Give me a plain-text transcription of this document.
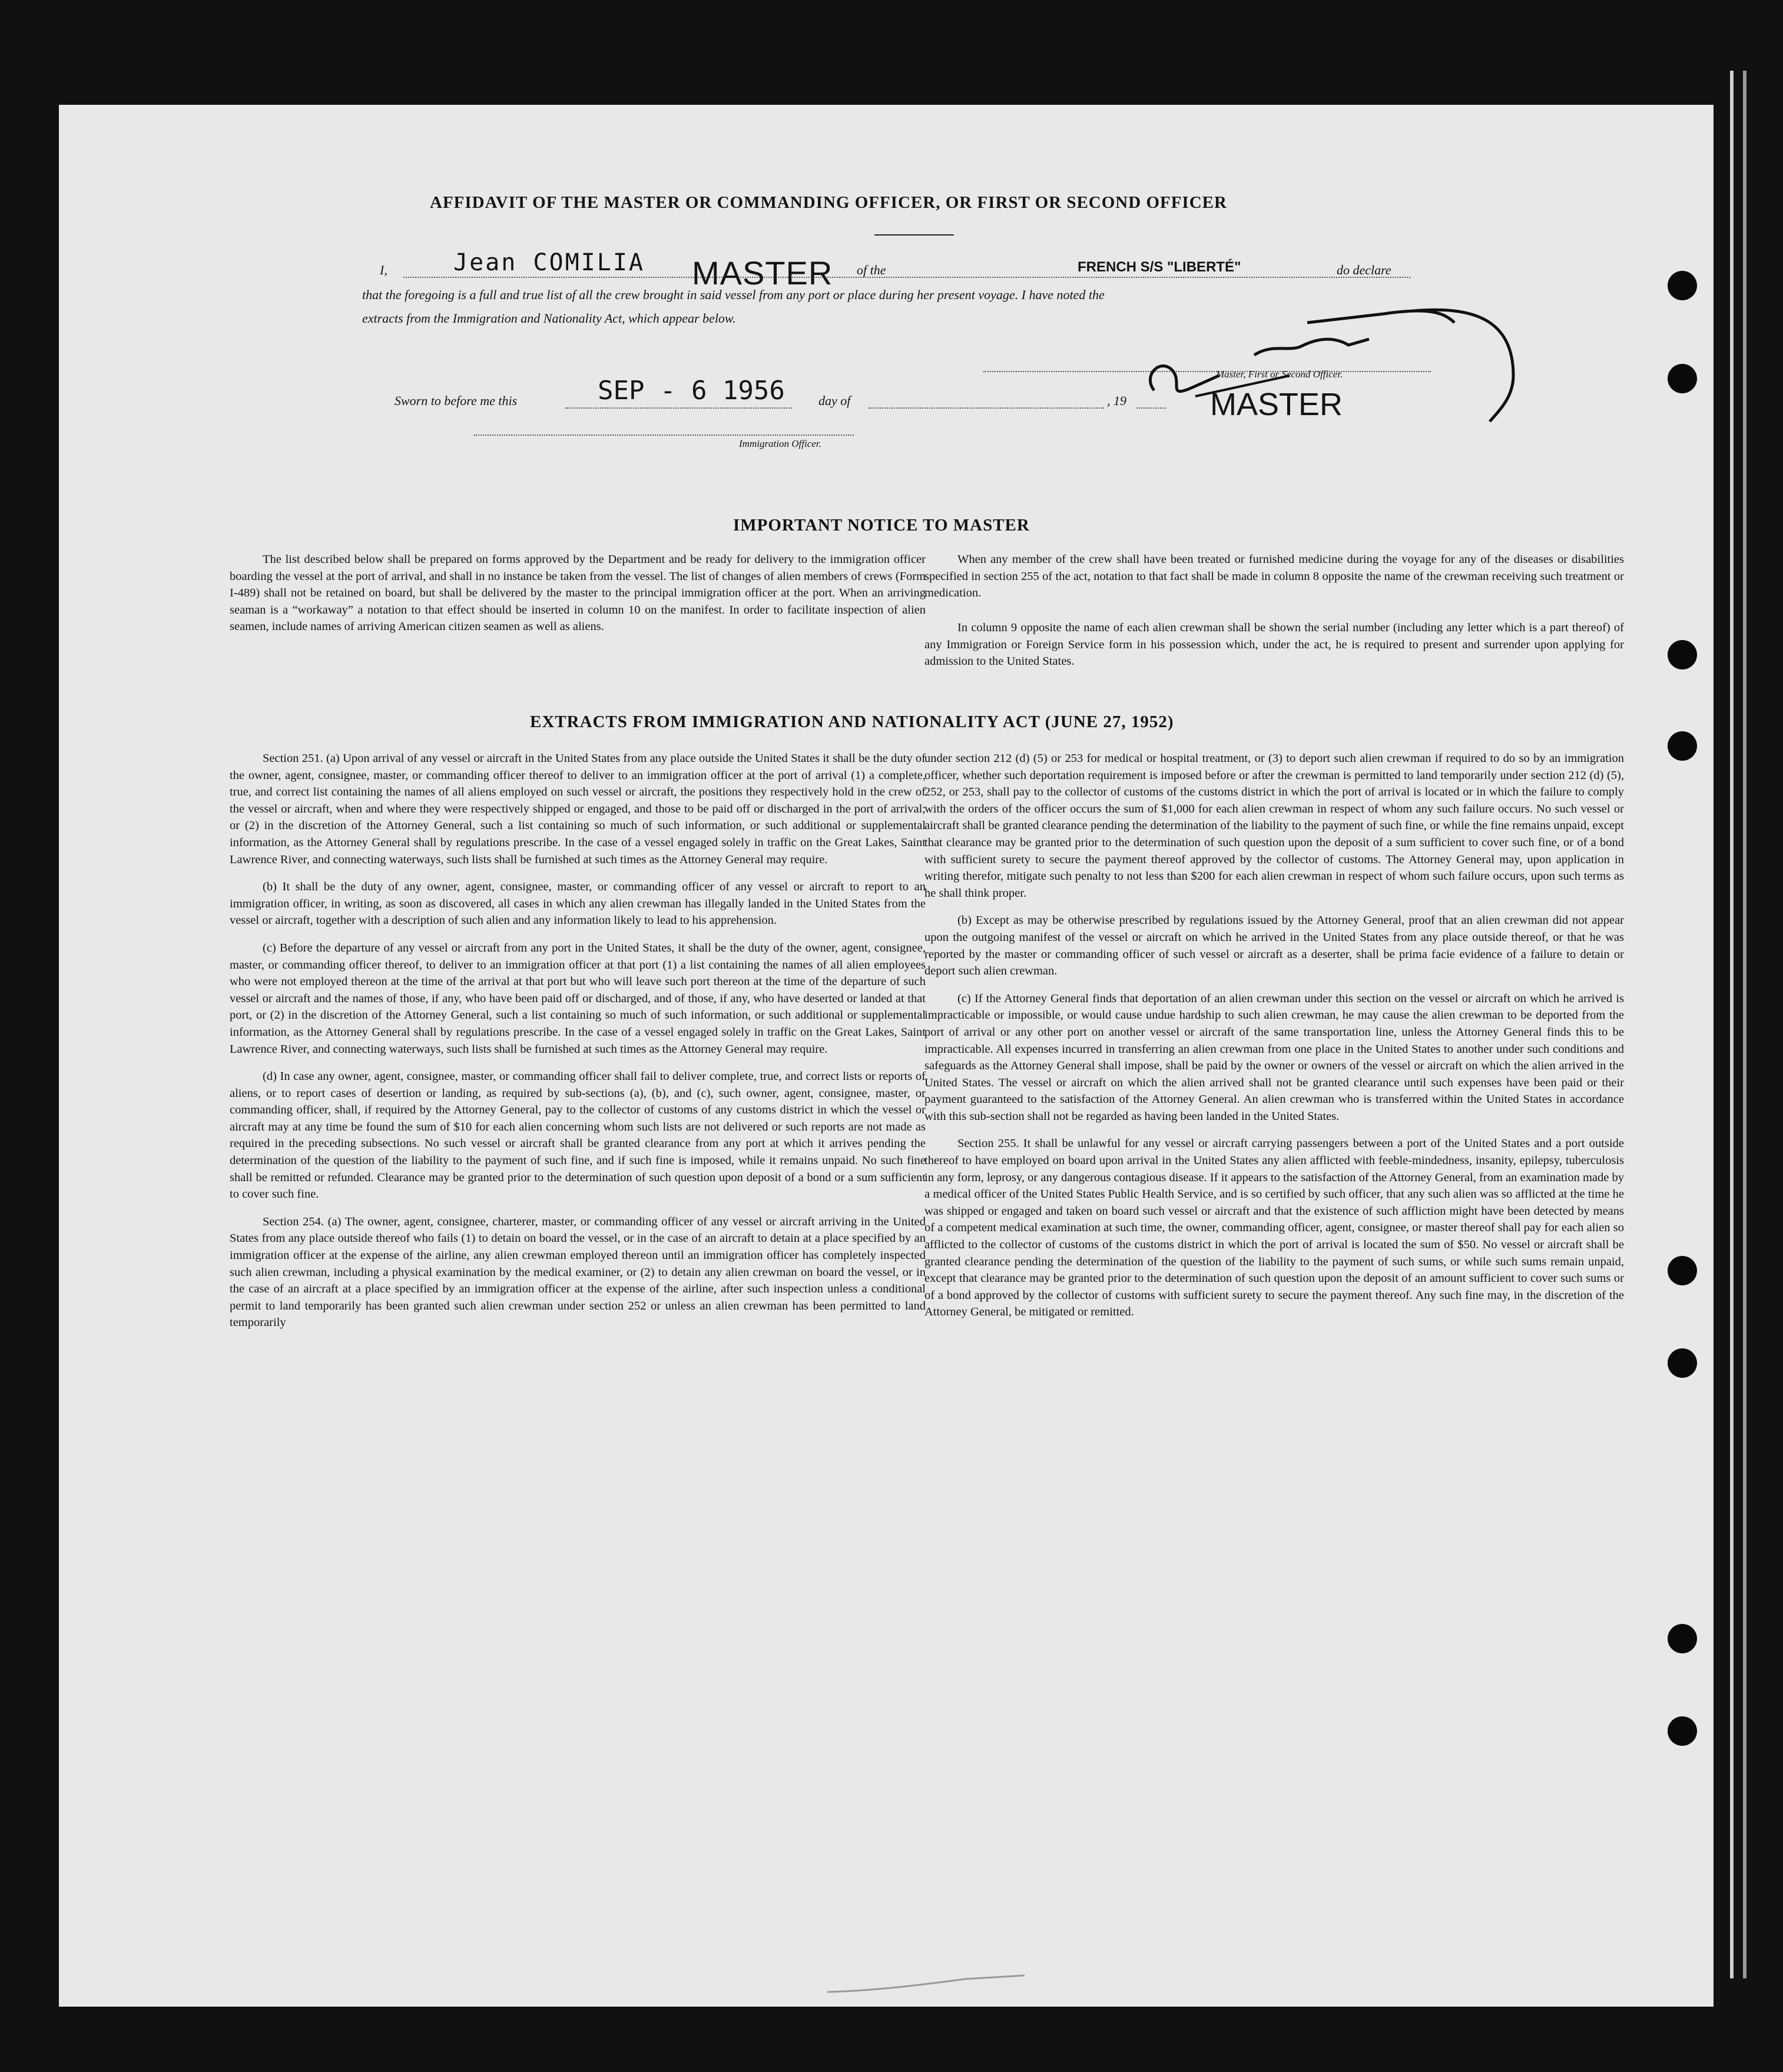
AFFIDAVIT OF THE MASTER OR COMMANDING OFFICER, OR FIRST OR SECOND OFFICER
I,	Jean COMILIA MASTER of the	FRENCH S/S "LIBERTÉ"	do declare
that the foregoing is a full and true list of all the crew brought in said vessel from any port or place during her present voyage. I have noted the
extracts from the Immigration and Nationality Act, which appear below.
Sworn to before me this	SEP - 6 1956	day of	, 19
Master, First or Second Officer.
MASTER
Immigration Officer.
IMPORTANT NOTICE TO MASTER

The list described below shall be prepared on forms approved by the Department and be ready for delivery to the immigration officer boarding the vessel at the port of arrival, and shall in no instance be taken from the vessel. The list of changes of alien members of crews (Form I-489) shall not be retained on board, but shall be delivered by the master to the principal immigration officer at the port. When an arriving seaman is a “workaway” a notation to that effect should be inserted in column 10 on the manifest. In order to facilitate inspection of alien seamen, include names of arriving American citizen seamen as well as aliens.

When any member of the crew shall have been treated or furnished medicine during the voyage for any of the diseases or disabilities specified in section 255 of the act, notation to that fact shall be made in column 8 opposite the name of the crewman receiving such treatment or medication.

In column 9 opposite the name of each alien crewman shall be shown the serial number (including any letter which is a part thereof) of any Immigration or Foreign Service form in his possession which, under the act, he is required to present and surrender upon applying for admission to the United States.

EXTRACTS FROM IMMIGRATION AND NATIONALITY ACT (JUNE 27, 1952)

Section 251. (a) Upon arrival of any vessel or aircraft in the United States from any place outside the United States it shall be the duty of the owner, agent, consignee, master, or commanding officer thereof to deliver to an immigration officer at the port of arrival (1) a complete, true, and correct list containing the names of all aliens employed on such vessel or aircraft, the positions they respectively hold in the crew of the vessel or aircraft, when and where they were respectively shipped or engaged, and those to be paid off or discharged in the port of arrival; or (2) in the discretion of the Attorney General, such a list containing so much of such information, or such additional or supplemental information, as the Attorney General shall by regulations prescribe. In the case of a vessel engaged solely in traffic on the Great Lakes, Saint Lawrence River, and connecting waterways, such lists shall be furnished at such times as the Attorney General may require.

(b) It shall be the duty of any owner, agent, consignee, master, or commanding officer of any vessel or aircraft to report to an immigration officer, in writing, as soon as discovered, all cases in which any alien crewman has illegally landed in the United States from the vessel or aircraft, together with a description of such alien and any information likely to lead to his apprehension.

(c) Before the departure of any vessel or aircraft from any port in the United States, it shall be the duty of the owner, agent, consignee, master, or commanding officer thereof, to deliver to an immigration officer at that port (1) a list containing the names of all alien employees who were not employed thereon at the time of the arrival at that port but who will leave such port thereon at the time of the departure of such vessel or aircraft and the names of those, if any, who have been paid off or discharged, and of those, if any, who have deserted or landed at that port, or (2) in the discretion of the Attorney General, such a list containing so much of such information, or such additional or supplemental information, as the Attorney General shall by regulations prescribe. In the case of a vessel engaged solely in traffic on the Great Lakes, Saint Lawrence River, and connecting waterways, such lists shall be furnished at such times as the Attorney General may require.

(d) In case any owner, agent, consignee, master, or commanding officer shall fail to deliver complete, true, and correct lists or reports of aliens, or to report cases of desertion or landing, as required by sub-sections (a), (b), and (c), such owner, agent, consignee, master, or commanding officer, shall, if required by the Attorney General, pay to the collector of customs of any customs district in which the vessel or aircraft may at any time be found the sum of $10 for each alien concerning whom such lists are not delivered or such reports are not made as required in the preceding subsections. No such vessel or aircraft shall be granted clearance from any port at which it arrives pending the determination of the question of the liability to the payment of such fine, and if such fine is imposed, while it remains unpaid. No such fine shall be remitted or refunded. Clearance may be granted prior to the determination of such question upon deposit of a bond or a sum sufficient to cover such fine.

Section 254. (a) The owner, agent, consignee, charterer, master, or commanding officer of any vessel or aircraft arriving in the United States from any place outside thereof who fails (1) to detain on board the vessel, or in the case of an aircraft to detain at a place specified by an immigration officer at the expense of the airline, any alien crewman employed thereon until an immigration officer has completely inspected such alien crewman, including a physical examination by the medical examiner, or (2) to detain any alien crewman on board the vessel, or in the case of an aircraft at a place specified by an immigration officer at the expense of the airline, after such inspection unless a conditional permit to land temporarily has been granted such alien crewman under section 252 or unless an alien crewman has been permitted to land temporarily

under section 212 (d) (5) or 253 for medical or hospital treatment, or (3) to deport such alien crewman if required to do so by an immigration officer, whether such deportation requirement is imposed before or after the crewman is permitted to land temporarily under section 212 (d) (5), 252, or 253, shall pay to the collector of customs of the customs district in which the port of arrival is located or in which the failure to comply with the orders of the officer occurs the sum of $1,000 for each alien crewman in respect of whom any such failure occurs. No such vessel or aircraft shall be granted clearance pending the determination of the liability to the payment of such fine, or while the fine remains unpaid, except that clearance may be granted prior to the determination of such question upon the deposit of a sum sufficient to cover such fine, or of a bond with sufficient surety to secure the payment thereof approved by the collector of customs. The Attorney General may, upon application in writing therefor, mitigate such penalty to not less than $200 for each alien crewman in respect of whom such failure occurs, upon such terms as he shall think proper.

(b) Except as may be otherwise prescribed by regulations issued by the Attorney General, proof that an alien crewman did not appear upon the outgoing manifest of the vessel or aircraft on which he arrived in the United States from any place outside thereof, or that he was reported by the master or commanding officer of such vessel or aircraft as a deserter, shall be prima facie evidence of a failure to detain or deport such alien crewman.

(c) If the Attorney General finds that deportation of an alien crewman under this section on the vessel or aircraft on which he arrived is impracticable or impossible, or would cause undue hardship to such alien crewman, he may cause the alien crewman to be deported from the port of arrival or any other port on another vessel or aircraft of the same transportation line, unless the Attorney General finds this to be impracticable. All expenses incurred in transferring an alien crewman from one place in the United States to another under such conditions and safeguards as the Attorney General shall impose, shall be paid by the owner or owners of the vessel or aircraft on which the alien arrived in the United States. The vessel or aircraft on which the alien arrived shall not be granted clearance until such expenses have been paid or their payment guaranteed to the satisfaction of the Attorney General. An alien crewman who is transferred within the United States in accordance with this sub-section shall not be regarded as having been landed in the United States.

Section 255. It shall be unlawful for any vessel or aircraft carrying passengers between a port of the United States and a port outside thereof to have employed on board upon arrival in the United States any alien afflicted with feeble-mindedness, insanity, epilepsy, tuberculosis in any form, leprosy, or any dangerous contagious disease. If it appears to the satisfaction of the Attorney General, from an examination made by a medical officer of the United States Public Health Service, and is so certified by such officer, that any such alien was so afflicted at the time he was shipped or engaged and taken on board such vessel or aircraft and that the existence of such affliction might have been detected by means of a competent medical examination at such time, the owner, commanding officer, agent, consignee, or master thereof shall pay for each alien so afflicted to the collector of customs of the customs district in which the port of arrival is located the sum of $50. No vessel or aircraft shall be granted clearance pending the determination of the question of the liability to the payment of such sums, or while such sums remain unpaid, except that clearance may be granted prior to the determination of such question upon the deposit of an amount sufficient to cover such sums or of a bond approved by the collector of customs with sufficient surety to secure the payment thereof. Any such fine may, in the discretion of the Attorney General, be mitigated or remitted.
